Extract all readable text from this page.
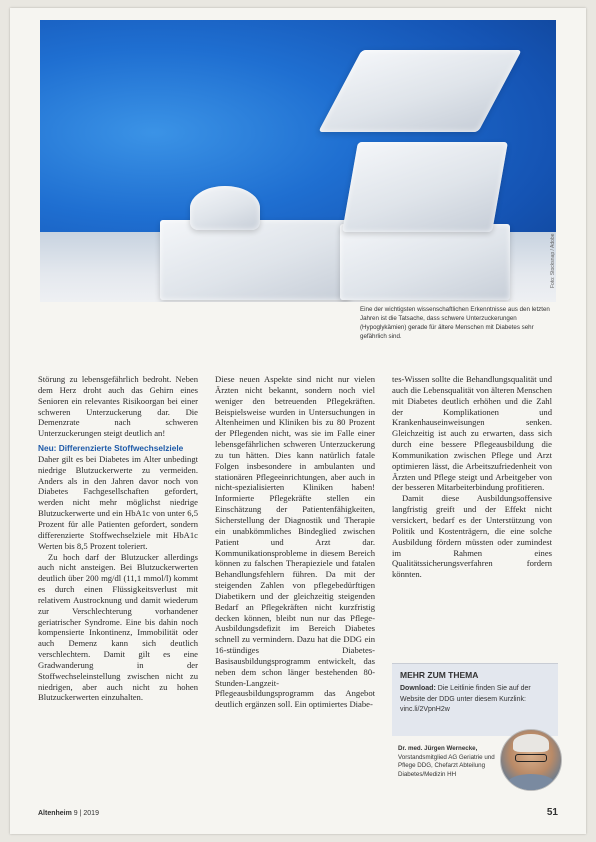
Eine der wichtigsten wissenschaftlichen Erkenntnisse aus den letzten Jahren ist die Tatsache, dass schwere Unterzuckerungen (Hypoglykämien) gerade für ältere Menschen mit Diabetes sehr gefährlich sind.
Foto: Stocksnap / Adobe

Störung zu lebensgefährlich bedroht. Neben dem Herz droht auch das Gehirn eines Senioren ein relevantes Risikoorgan bei einer schweren Unterzuckerung dar. Die Demenzrate nach schweren Unterzuckerungen steigt deutlich an!

Neu: Differenzierte Stoffwechselziele

Daher gilt es bei Diabetes im Alter unbedingt niedrige Blutzuckerwerte zu vermeiden. Anders als in den Jahren davor noch von Diabetes Fachgesellschaften gefordert, werden nicht mehr möglichst niedrige Blutzuckerwerte und ein HbA1c von unter 6,5 Prozent für alle Patienten gefordert, sondern differenzierte Stoffwechselziele mit HbA1c Werten bis 8,5 Prozent toleriert.

Zu hoch darf der Blutzucker allerdings auch nicht ansteigen. Bei Blutzuckerwerten deutlich über 200 mg/dl (11,1 mmol/l) kommt es durch einen Flüssigkeitsverlust mit relativem Austrocknung und damit wiederum zur Verschlechterung vorhandener geriatrischer Syndrome. Eine bis dahin noch kompensierte Inkontinenz, Immobilität oder auch Demenz kann sich deutlich verschlechtern. Damit gilt es eine Gradwanderung in der Stoffwechseleinstellung zwischen nicht zu niedrigen, aber auch nicht zu hohen Blutzuckerwerten einzuhalten.

Diese neuen Aspekte sind nicht nur vielen Ärzten nicht bekannt, sondern noch viel weniger den betreuenden Pflegekräften. Beispielsweise wurden in Untersuchungen in Altenheimen und Kliniken bis zu 80 Prozent der Pflegenden nicht, was sie im Falle einer lebensgefährlichen schweren Unterzuckerung zu tun hätten. Dies kann natürlich fatale Folgen insbesondere in ambulanten und stationären Pflegeeinrichtungen, aber auch in nicht-spezialisierten Kliniken haben! Informierte Pflegekräfte stellen ein Einschätzung der Patientenfähigkeiten, Sicherstellung der Diagnostik und Therapie ein unabkömmliches Bindeglied zwischen Patient und Arzt dar. Kommunikationsprobleme in diesem Bereich können zu falschen Therapieziele und fatalen Behandlungsfehlern führen. Da mit der steigenden Zahlen von pflegebedürftigen Diabetikern und der gleichzeitig steigenden Bedarf an Pflegekräften nicht kurzfristig decken können, bleibt nun nur das Pflege-Ausbildungsdefizit im Bereich Diabetes schnell zu vermindern. Dazu hat die DDG ein 16-stündiges Diabetes-Basisausbildungsprogramm entwickelt, das neben dem schon länger bestehenden 80-Stunden-Langzeit-Pflegeausbildungsprogramm das Angebot deutlich ergänzen soll. Ein optimiertes Diabe-

tes-Wissen sollte die Behandlungsqualität und auch die Lebensqualität von älteren Menschen mit Diabetes deutlich erhöhen und die Zahl der Komplikationen und Krankenhauseinweisungen senken. Gleichzeitig ist auch zu erwarten, dass sich durch eine bessere Pflegeausbildung die Kommunikation zwischen Pflege und Arzt optimieren lässt, die Arbeitszufriedenheit von Ärzten und Pflege steigt und Arbeitgeber von der besseren Mitarbeiterbindung profitieren.

Damit diese Ausbildungsoffensive langfristig greift und der Effekt nicht versickert, bedarf es der Unterstützung von Politik und Kostenträgern, die eine solche Ausbildung fördern müssten oder zumindest im Rahmen eines Qualitätssicherungsverfahren fordern könnten.

MEHR ZUM THEMA
Download: Die Leitlinie finden Sie auf der Website der DDG unter diesem Kurzlink: vinc.li/2VpnH2w
Dr. med. Jürgen Wernecke, Vorstandsmitglied AG Geriatrie und Pflege DDG, Chefarzt Abteilung Diabetes/Medizin HH
Altenheim 9 | 2019	51
